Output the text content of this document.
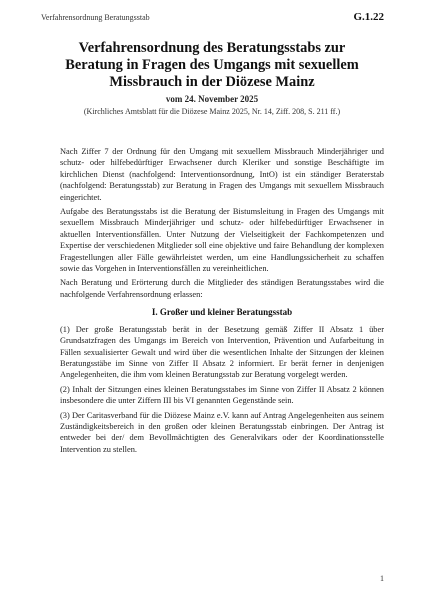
Verfahrensordnung Beratungsstab	G.1.22
Verfahrensordnung des Beratungsstabs zur
Beratung in Fragen des Umgangs mit sexuellem
Missbrauch in der Diözese Mainz
vom 24. November 2025
(Kirchliches Amtsblatt für die Diözese Mainz 2025, Nr. 14, Ziff. 208, S. 211 ff.)

Nach Ziffer 7 der Ordnung für den Umgang mit sexuellem Missbrauch Minderjähriger und schutz- oder hilfebedürftiger Erwachsener durch Kleriker und sonstige Beschäftigte im kirchlichen Dienst (nachfolgend: Interventionsordnung, IntO) ist ein ständiger Beraterstab (nachfolgend: Beratungsstab) zur Beratung in Fragen des Umgangs mit sexuellem Missbrauch eingerichtet.

Aufgabe des Beratungsstabs ist die Beratung der Bistumsleitung in Fragen des Umgangs mit sexuellem Missbrauch Minderjähriger und schutz- oder hilfebedürftiger Erwachsener in aktuellen Interventionsfällen. Unter Nutzung der Vielseitigkeit der Fachkompetenzen und Expertise der verschiedenen Mitglieder soll eine objektive und faire Behandlung der komplexen Fragestellungen aller Fälle gewährleistet werden, um eine Handlungssicherheit zu schaffen sowie das Vorgehen in Interventionsfällen zu vereinheitlichen.

Nach Beratung und Erörterung durch die Mitglieder des ständigen Beratungsstabes wird die nachfolgende Verfahrensordnung erlassen:

I. Großer und kleiner Beratungsstab

(1) Der große Beratungsstab berät in der Besetzung gemäß Ziffer II Absatz 1 über Grundsatzfragen des Umgangs im Bereich von Intervention, Prävention und Aufarbeitung in Fällen sexualisierter Gewalt und wird über die wesentlichen Inhalte der Sitzungen der kleinen Beratungsstäbe im Sinne von Ziffer II Absatz 2 informiert. Er berät ferner in denjenigen Angelegenheiten, die ihm vom kleinen Beratungsstab zur Beratung vorgelegt werden.

(2) Inhalt der Sitzungen eines kleinen Beratungsstabes im Sinne von Ziffer II Absatz 2 können insbesondere die unter Ziffern III bis VI genannten Gegenstände sein.

(3) Der Caritasverband für die Diözese Mainz e.V. kann auf Antrag Angelegenheiten aus seinem Zuständigkeitsbereich in den großen oder kleinen Beratungsstab einbringen. Der Antrag ist entweder bei der/ dem Bevollmächtigten des Generalvikars oder der Koordinationsstelle Intervention zu stellen.

1
